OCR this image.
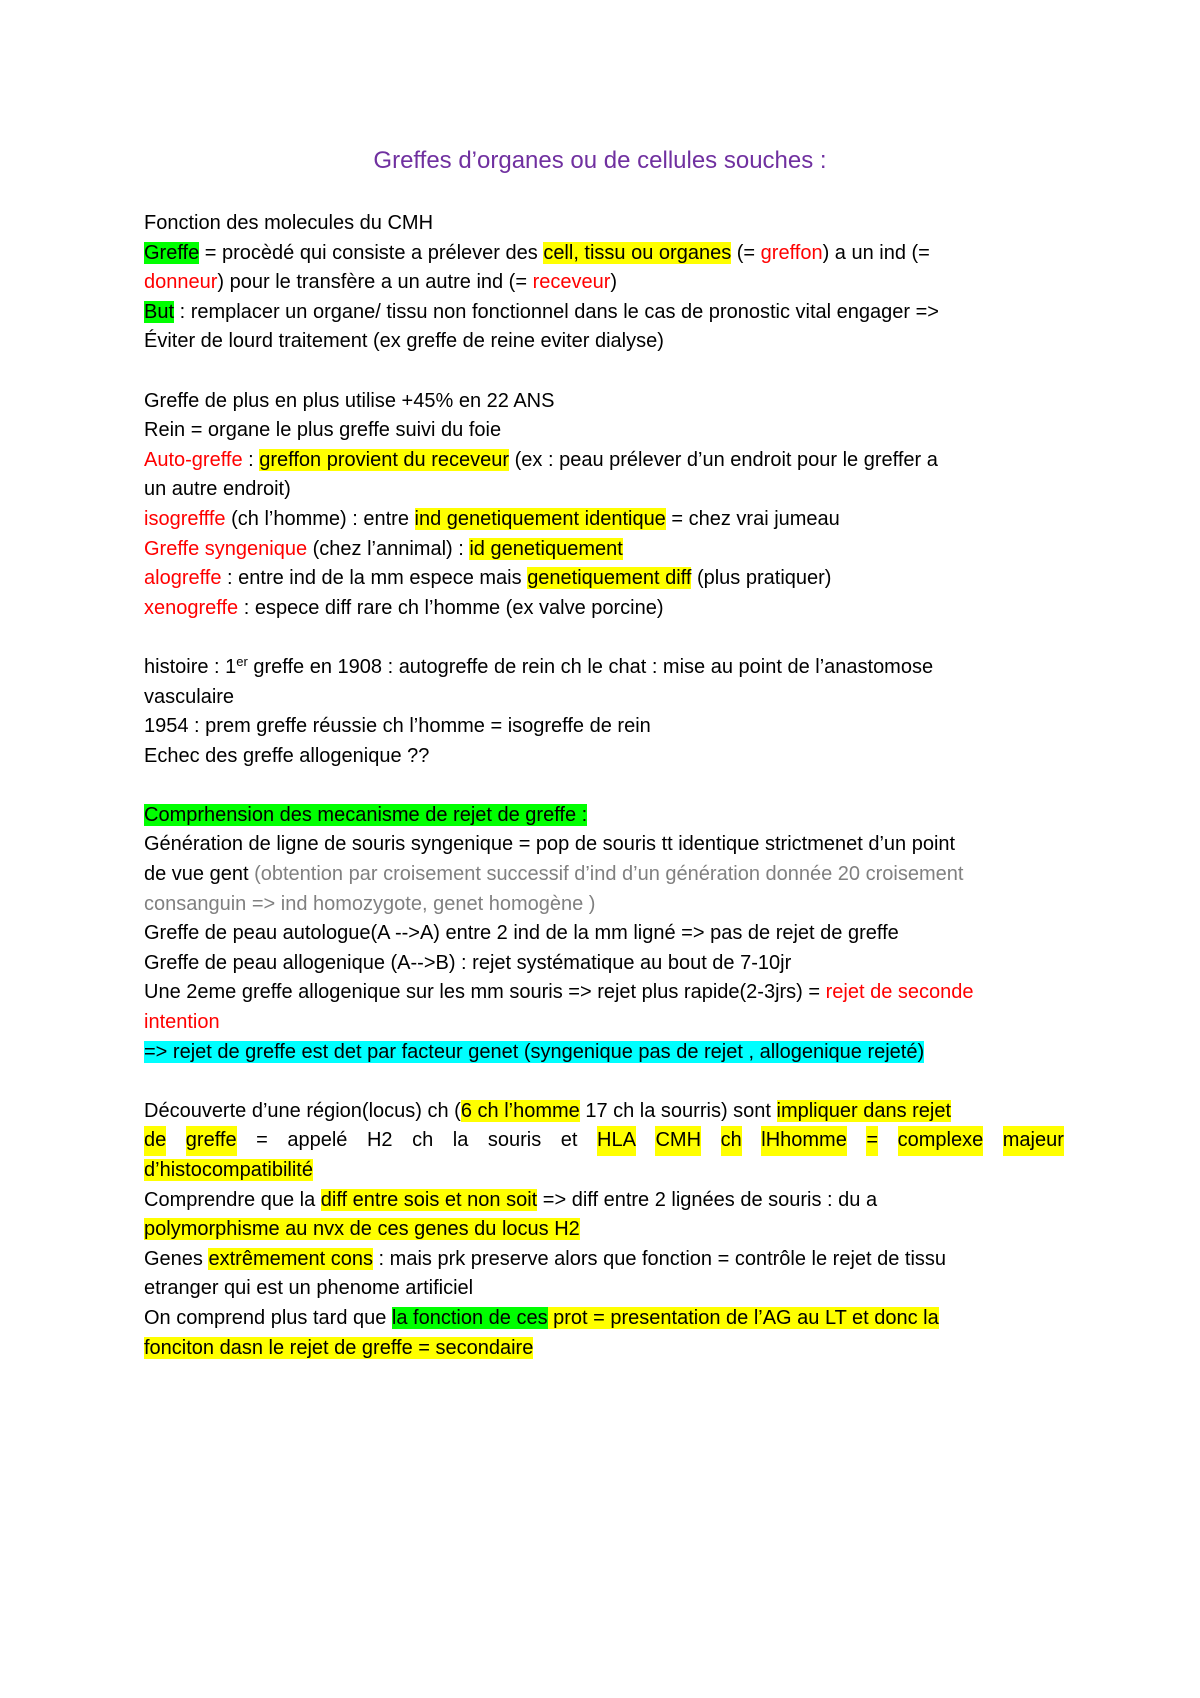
Greffes d’organes ou de cellules souches :
Fonction des molecules du CMH
Greffe = procèdé qui consiste a prélever des cell, tissu ou organes (= greffon) a un ind (=
donneur) pour le transfère a un autre ind (= receveur)
But : remplacer un organe/ tissu non fonctionnel dans le cas de pronostic vital engager =>
Éviter de lourd traitement (ex greffe de reine eviter dialyse)
Greffe de plus en plus utilise +45% en 22 ANS
Rein = organe le plus greffe suivi du foie
Auto-greffe : greffon provient du receveur (ex : peau prélever d’un endroit pour le greffer a
un autre endroit)
isogrefffe (ch l’homme) : entre ind genetiquement identique = chez vrai jumeau
Greffe syngenique (chez l’annimal) : id genetiquement
alogreffe : entre ind de la mm espece mais genetiquement diff (plus pratiquer)
xenogreffe : espece diff rare ch l’homme (ex valve porcine)
histoire : 1er greffe en 1908 : autogreffe de rein ch le chat : mise au point de l’anastomose
vasculaire
1954 : prem greffe réussie ch l’homme = isogreffe de rein
Echec des greffe allogenique ??
Comprhension des mecanisme de rejet de greffe :
Génération de ligne de souris syngenique = pop de souris tt identique strictmenet d’un point
de vue gent (obtention par croisement successif d’ind d’un génération donnée 20 croisement
consanguin => ind homozygote, genet homogène )
Greffe de peau autologue(A -->A) entre 2 ind de la mm ligné => pas de rejet de greffe
Greffe de peau allogenique (A-->B) : rejet systématique au bout de 7-10jr
Une 2eme greffe allogenique sur les mm souris => rejet plus rapide(2-3jrs) = rejet de seconde
intention
=> rejet de greffe est det par facteur genet (syngenique pas de rejet , allogenique rejeté)
Découverte d’une région(locus) ch (6 ch l’homme 17 ch la sourris) sont impliquer dans rejet
de greffe = appelé H2 ch la souris et HLA CMH ch lHhomme = complexe majeur
d’histocompatibilité
Comprendre que la diff entre sois et non soit => diff entre 2 lignées de souris : du a
polymorphisme au nvx de ces genes du locus H2
Genes extrêmement cons : mais prk preserve alors que fonction = contrôle le rejet de tissu
etranger qui est un phenome artificiel
On comprend plus tard que la fonction de ces prot = presentation de l’AG au LT et donc la
fonciton dasn le rejet de greffe = secondaire
